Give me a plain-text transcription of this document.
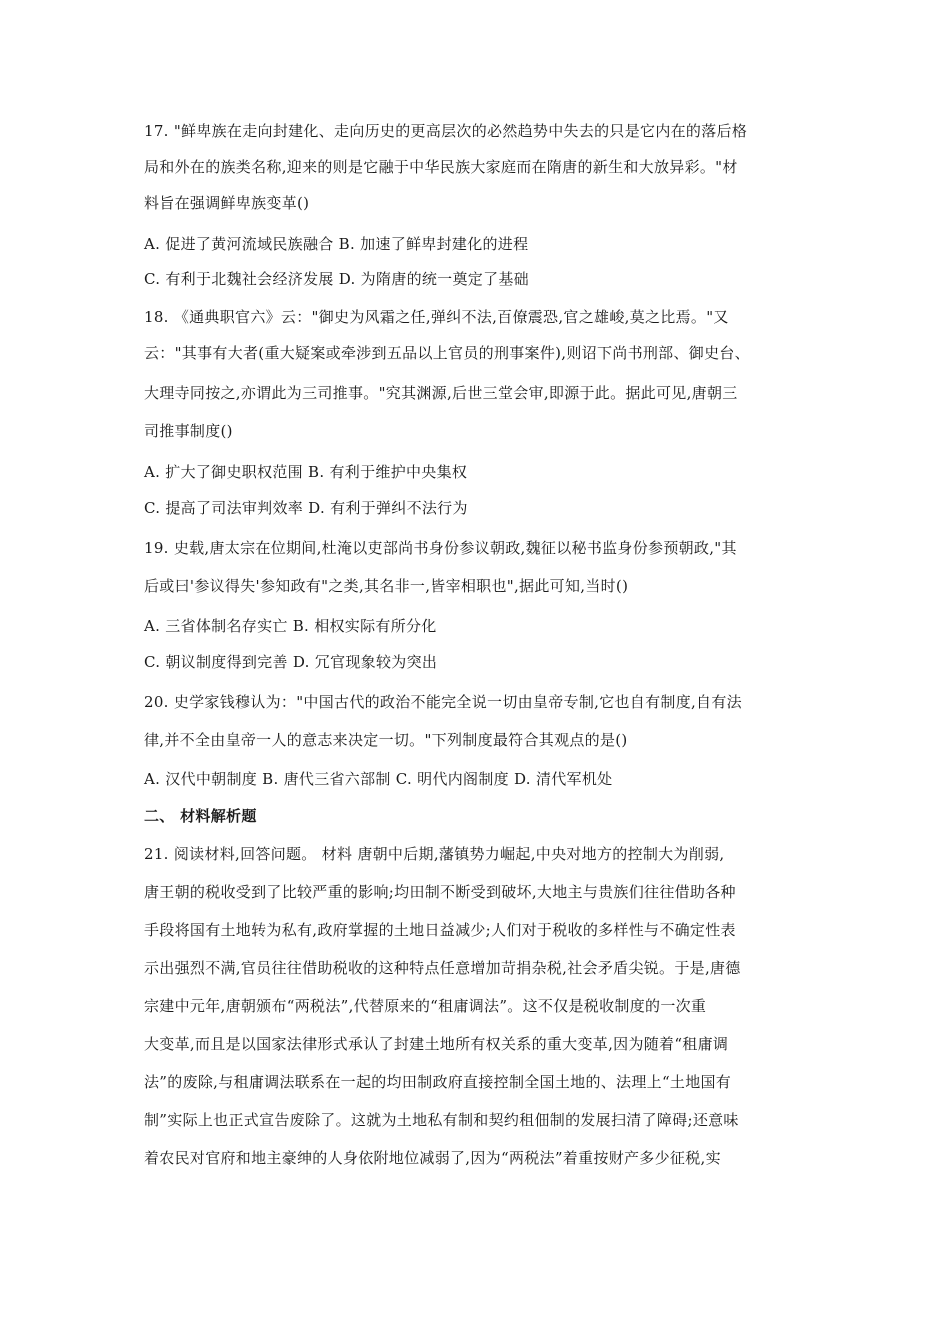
17. "鲜卑族在走向封建化、走向历史的更高层次的必然趋势中失去的只是它内在的落后格
局和外在的族类名称,迎来的则是它融于中华民族大家庭而在隋唐的新生和大放异彩。"材
料旨在强调鲜卑族变革()
A. 促进了黄河流域民族融合 B. 加速了鲜卑封建化的进程
C. 有利于北魏社会经济发展 D. 为隋唐的统一奠定了基础
18. 《通典职官六》云："御史为风霜之任,弹纠不法,百僚震恐,官之雄峻,莫之比焉。"又
云："其事有大者(重大疑案或牵涉到五品以上官员的刑事案件),则诏下尚书刑部、御史台、
大理寺同按之,亦谓此为三司推事。"究其渊源,后世三堂会审,即源于此。据此可见,唐朝三
司推事制度()
A. 扩大了御史职权范围 B. 有利于维护中央集权
C. 提高了司法审判效率 D. 有利于弹纠不法行为
19. 史载,唐太宗在位期间,杜淹以吏部尚书身份参议朝政,魏征以秘书监身份参预朝政,"其
后或曰'参议得失'参知政有"之类,其名非一,皆宰相职也",据此可知,当时()
A. 三省体制名存实亡 B. 相权实际有所分化
C. 朝议制度得到完善 D. 冗官现象较为突出
20. 史学家钱穆认为："中国古代的政治不能完全说一切由皇帝专制,它也自有制度,自有法
律,并不全由皇帝一人的意志来决定一切。"下列制度最符合其观点的是()
A. 汉代中朝制度 B. 唐代三省六部制 C. 明代内阁制度 D. 清代军机处
二、 材料解析题
21. 阅读材料,回答问题。 材料 唐朝中后期,藩镇势力崛起,中央对地方的控制大为削弱,
唐王朝的税收受到了比较严重的影响;均田制不断受到破坏,大地主与贵族们往往借助各种
手段将国有土地转为私有,政府掌握的土地日益减少;人们对于税收的多样性与不确定性表
示出强烈不满,官员往往借助税收的这种特点任意增加苛捐杂税,社会矛盾尖锐。于是,唐德
宗建中元年,唐朝颁布“两税法”,代替原来的“租庸调法”。这不仅是税收制度的一次重
大变革,而且是以国家法律形式承认了封建土地所有权关系的重大变革,因为随着“租庸调
法”的废除,与租庸调法联系在一起的均田制政府直接控制全国土地的、法理上“土地国有
制”实际上也正式宣告废除了。这就为土地私有制和契约租佃制的发展扫清了障碍;还意味
着农民对官府和地主豪绅的人身依附地位减弱了,因为“两税法”着重按财产多少征税,实
